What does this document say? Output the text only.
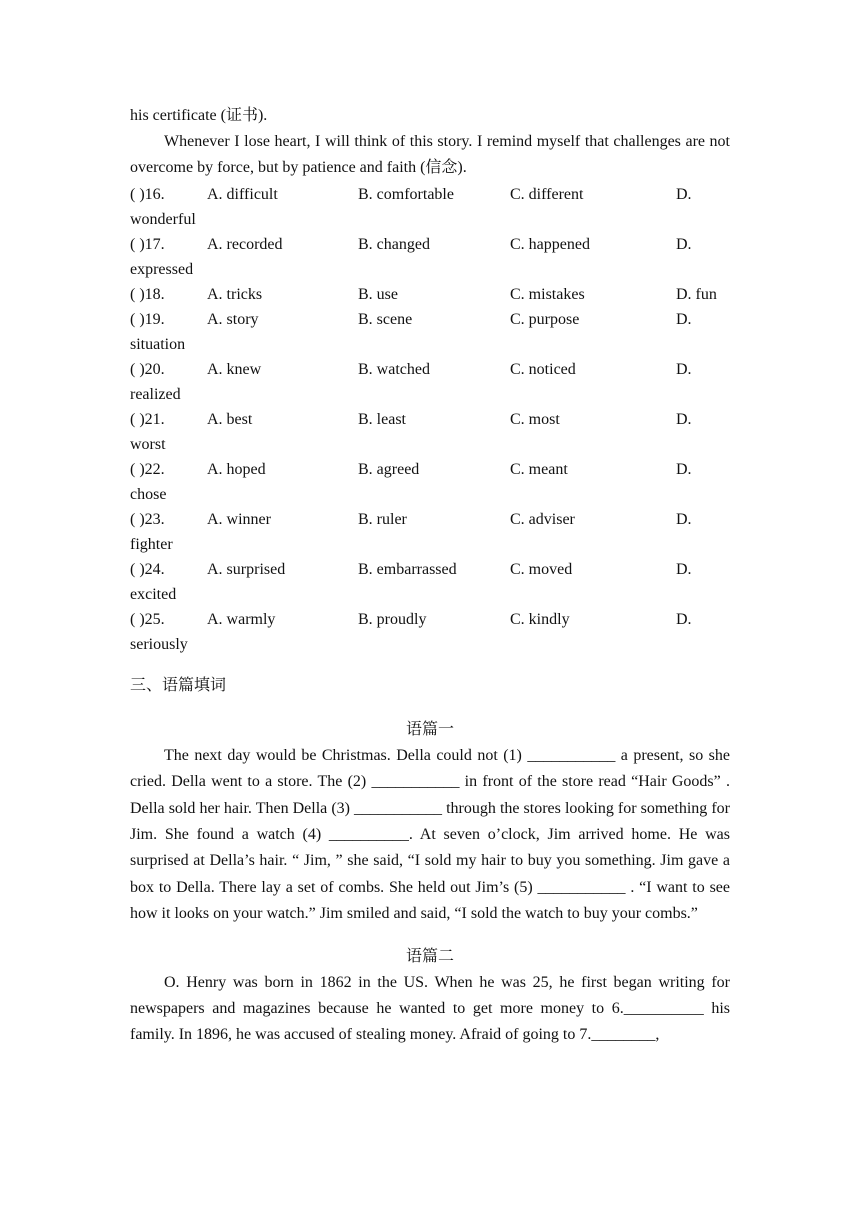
his certificate (证书).
Whenever I lose heart, I will think of this story. I remind myself that challenges are not overcome by force, but by patience and faith (信念).
( )16.	A. difficult	B. comfortable	C. different	D.
wonderful
( )17.	A. recorded	B. changed	C. happened	D.
expressed
( )18.	A. tricks	B. use	C. mistakes	D. fun
( )19.	A. story	B. scene	C. purpose	D.
situation
( )20.	A. knew	B. watched	C. noticed	D.
realized
( )21.	A. best	B. least	C. most	D.
worst
( )22.	A. hoped	B. agreed	C. meant	D.
chose
( )23.	A. winner	B. ruler	C. adviser	D.
fighter
( )24.	A. surprised	B. embarrassed	C. moved	D.
excited
( )25.	A. warmly	B. proudly	C. kindly	D.
seriously
三、语篇填词
语篇一
The next day would be Christmas. Della could not (1) ___________ a present, so she cried. Della went to a store. The (2) ___________ in front of the store read “Hair Goods” . Della sold her hair. Then Della (3) ___________ through the stores looking for something for Jim. She found a watch (4) __________. At seven o’clock, Jim arrived home. He was surprised at Della’s hair. “ Jim, ” she said, “I sold my hair to buy you something. Jim gave a box to Della. There lay a set of combs. She held out Jim’s (5) ___________ . “I want to see how it looks on your watch.” Jim smiled and said, “I sold the watch to buy your combs.”
语篇二
O. Henry was born in 1862 in the US. When he was 25, he first began writing for newspapers and magazines because he wanted to get more money to 6.__________ his family. In 1896, he was accused of stealing money. Afraid of going to 7.________,
